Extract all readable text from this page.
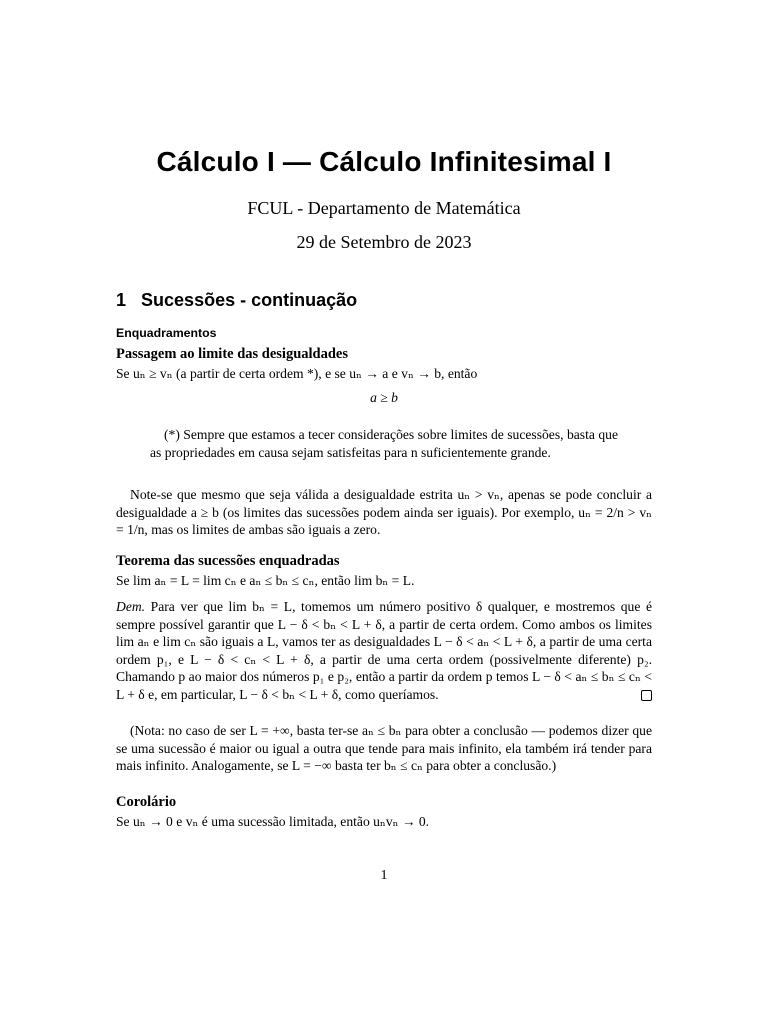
Cálculo I — Cálculo Infinitesimal I
FCUL - Departamento de Matemática
29 de Setembro de 2023
1 Sucessões - continuação
Enquadramentos
Passagem ao limite das desigualdades
Se uₙ ≥ vₙ (a partir de certa ordem *), e se uₙ → a e vₙ → b, então
a ≥ b
(*) Sempre que estamos a tecer considerações sobre limites de sucessões, basta que as propriedades em causa sejam satisfeitas para n suficientemente grande.
Note-se que mesmo que seja válida a desigualdade estrita uₙ > vₙ, apenas se pode concluir a desigualdade a ≥ b (os limites das sucessões podem ainda ser iguais). Por exemplo, uₙ = 2/n > vₙ = 1/n, mas os limites de ambas são iguais a zero.
Teorema das sucessões enquadradas
Se lim aₙ = L = lim cₙ e aₙ ≤ bₙ ≤ cₙ, então lim bₙ = L.
Dem. Para ver que lim bₙ = L, tomemos um número positivo δ qualquer, e mostremos que é sempre possível garantir que L − δ < bₙ < L + δ, a partir de certa ordem. Como ambos os limites lim aₙ e lim cₙ são iguais a L, vamos ter as desigualdades L − δ < aₙ < L + δ, a partir de uma certa ordem p₁, e L − δ < cₙ < L + δ, a partir de uma certa ordem (possivelmente diferente) p₂. Chamando p ao maior dos números p₁ e p₂, então a partir da ordem p temos L − δ < aₙ ≤ bₙ ≤ cₙ < L + δ e, em particular, L − δ < bₙ < L + δ, como queríamos.
(Nota: no caso de ser L = +∞, basta ter-se aₙ ≤ bₙ para obter a conclusão — podemos dizer que se uma sucessão é maior ou igual a outra que tende para mais infinito, ela também irá tender para mais infinito. Analogamente, se L = −∞ basta ter bₙ ≤ cₙ para obter a conclusão.)
Corolário
Se uₙ → 0 e vₙ é uma sucessão limitada, então uₙvₙ → 0.
1
